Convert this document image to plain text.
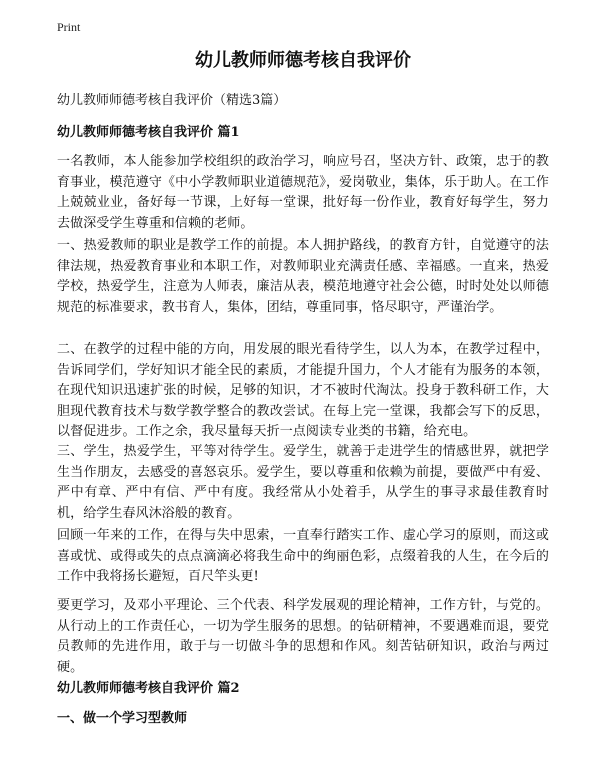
Print
幼儿教师师德考核自我评价
幼儿教师师德考核自我评价（精选3篇）
幼儿教师师德考核自我评价 篇1

一名教师，本人能参加学校组织的政治学习，响应号召，坚决方针、政策，忠于的教育事业，模范遵守《中小学教师职业道德规范》，爱岗敬业，集体，乐于助人。在工作上兢兢业业，备好每一节课，上好每一堂课，批好每一份作业，教育好每学生，努力去做深受学生尊重和信赖的老师。

一、热爱教师的职业是教学工作的前提。本人拥护路线，的教育方针，自觉遵守的法律法规，热爱教育事业和本职工作，对教师职业充满责任感、幸福感。一直来，热爱学校，热爱学生，注意为人师表，廉洁从表，模范地遵守社会公德，时时处处以师德规范的标准要求，教书育人，集体，团结，尊重同事，恪尽职守，严谨治学。

二、在教学的过程中能的方向，用发展的眼光看待学生，以人为本，在教学过程中，告诉同学们，学好知识才能全民的素质，才能提升国力，个人才能有为服务的本领，在现代知识迅速扩张的时候，足够的知识，才不被时代淘汰。投身于教科研工作，大胆现代教育技术与数学教学整合的教改尝试。在每上完一堂课，我都会写下的反思，以督促进步。工作之余，我尽量每天折一点阅读专业类的书籍，给充电。

三、学生，热爱学生，平等对待学生。爱学生，就善于走进学生的情感世界，就把学生当作朋友，去感受的喜怒哀乐。爱学生，要以尊重和依赖为前提，要做严中有爱、严中有章、严中有信、严中有度。我经常从小处着手，从学生的事寻求最佳教育时机，给学生春风沐浴般的教育。

回顾一年来的工作，在得与失中思索，一直奉行踏实工作、虚心学习的原则，而这或喜或忧、或得或失的点点滴滴必将我生命中的绚丽色彩，点缀着我的人生，在今后的工作中我将扬长避短，百尺竿头更!

要更学习，及邓小平理论、三个代表、科学发展观的理论精神，工作方针，与党的。从行动上的工作责任心，一切为学生服务的思想。的钻研精神，不要遇难而退，要党员教师的先进作用，敢于与一切做斗争的思想和作风。刻苦钻研知识，政治与两过硬。

幼儿教师师德考核自我评价 篇2
一、做一个学习型教师
